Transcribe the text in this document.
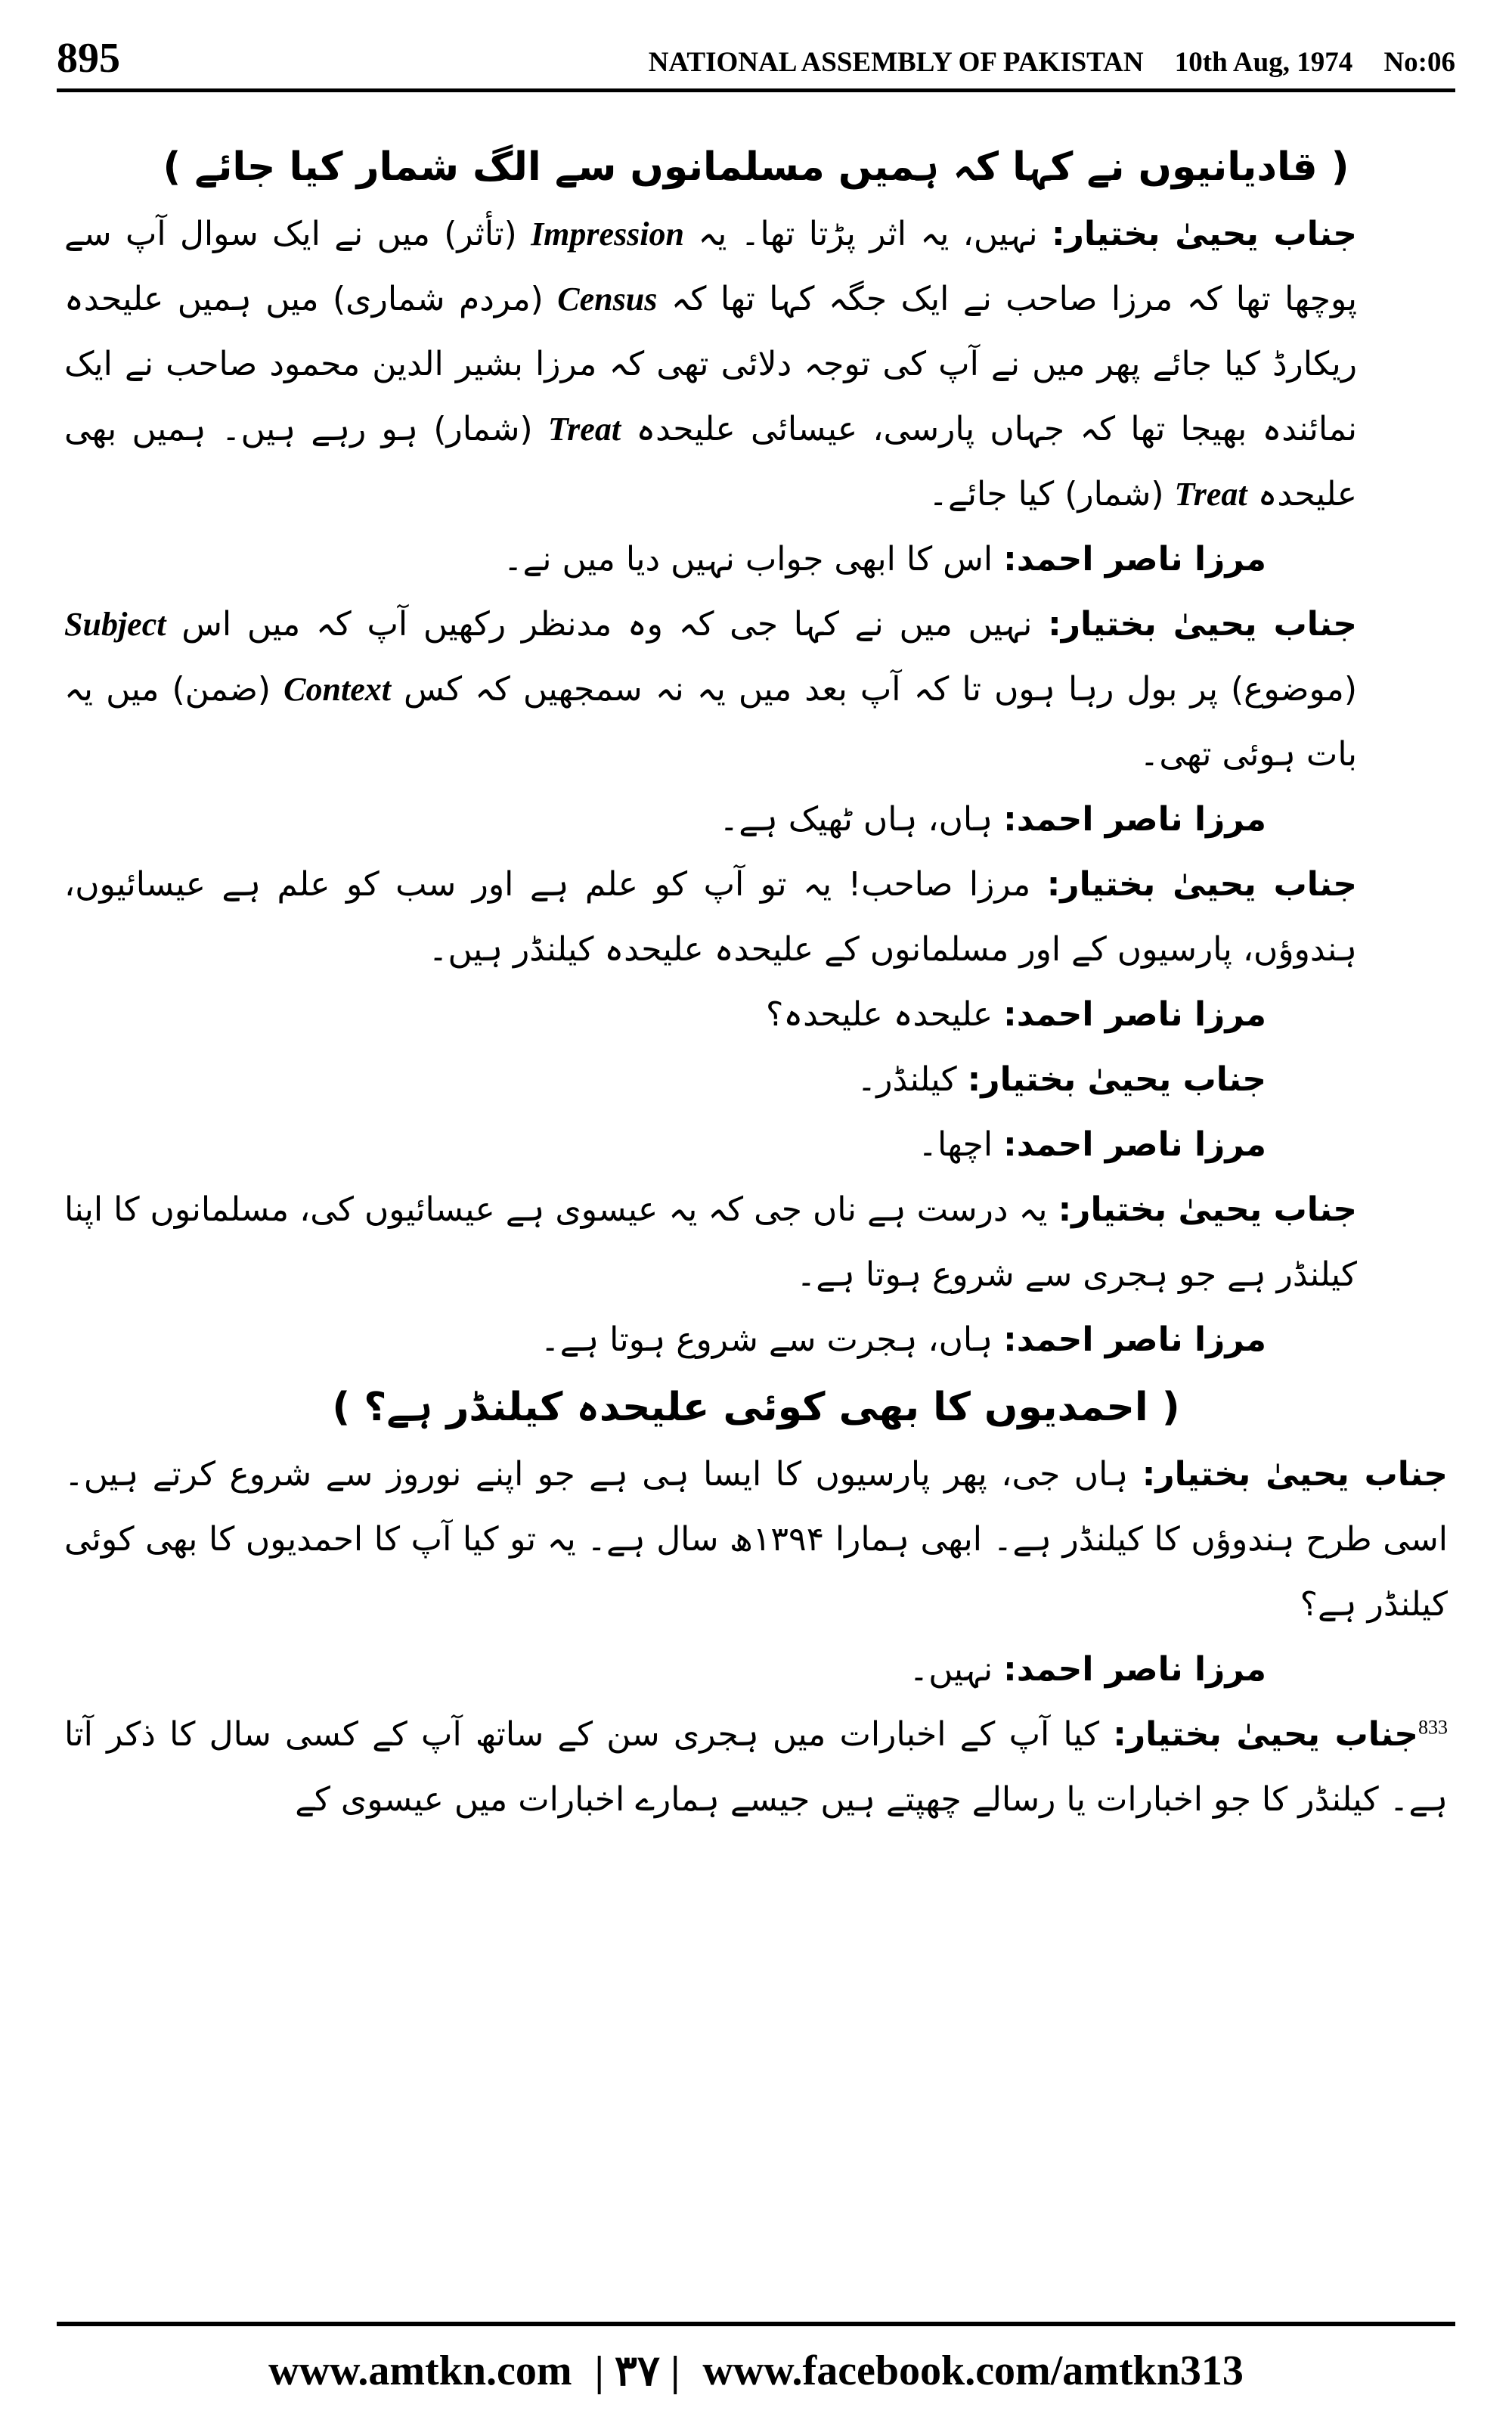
895	NATIONAL ASSEMBLY OF PAKISTAN 10th Aug, 1974 No:06
( قادیانیوں نے کہا کہ ہمیں مسلمانوں سے الگ شمار کیا جائے )

جناب یحییٰ بختیار: نہیں، یہ اثر پڑتا تھا۔ یہ Impression (تأثر) میں نے ایک سوال آپ سے پوچھا تھا کہ مرزا صاحب نے ایک جگہ کہا تھا کہ Census (مردم شماری) میں ہمیں علیحدہ ریکارڈ کیا جائے پھر میں نے آپ کی توجہ دلائی تھی کہ مرزا بشیر الدین محمود صاحب نے ایک نمائندہ بھیجا تھا کہ جہاں پارسی، عیسائی علیحدہ Treat (شمار) ہو رہے ہیں۔ ہمیں بھی علیحدہ Treat (شمار) کیا جائے۔

مرزا ناصر احمد: اس کا ابھی جواب نہیں دیا میں نے۔

جناب یحییٰ بختیار: نہیں میں نے کہا جی کہ وہ مدنظر رکھیں آپ کہ میں اس Subject (موضوع) پر بول رہا ہوں تا کہ آپ بعد میں یہ نہ سمجھیں کہ کس Context (ضمن) میں یہ بات ہوئی تھی۔

مرزا ناصر احمد: ہاں، ہاں ٹھیک ہے۔

جناب یحییٰ بختیار: مرزا صاحب! یہ تو آپ کو علم ہے اور سب کو علم ہے عیسائیوں، ہندوؤں، پارسیوں کے اور مسلمانوں کے علیحدہ علیحدہ کیلنڈر ہیں۔

مرزا ناصر احمد: علیحدہ علیحدہ؟

جناب یحییٰ بختیار: کیلنڈر۔

مرزا ناصر احمد: اچھا۔

جناب یحییٰ بختیار: یہ درست ہے ناں جی کہ یہ عیسوی ہے عیسائیوں کی، مسلمانوں کا اپنا کیلنڈر ہے جو ہجری سے شروع ہوتا ہے۔

مرزا ناصر احمد: ہاں، ہجرت سے شروع ہوتا ہے۔

( احمدیوں کا بھی کوئی علیحدہ کیلنڈر ہے؟ )

جناب یحییٰ بختیار: ہاں جی، پھر پارسیوں کا ایسا ہی ہے جو اپنے نوروز سے شروع کرتے ہیں۔ اسی طرح ہندوؤں کا کیلنڈر ہے۔ ابھی ہمارا ۱۳۹۴ھ سال ہے۔ یہ تو کیا آپ کا احمدیوں کا بھی کوئی کیلنڈر ہے؟

مرزا ناصر احمد: نہیں۔

$^{833}$جناب یحییٰ بختیار: کیا آپ کے اخبارات میں ہجری سن کے ساتھ آپ کے کسی سال کا ذکر آتا ہے۔ کیلنڈر کا جو اخبارات یا رسالے چھپتے ہیں جیسے ہمارے اخبارات میں عیسوی کے

www.amtkn.com | ۳۷ | www.facebook.com/amtkn313
